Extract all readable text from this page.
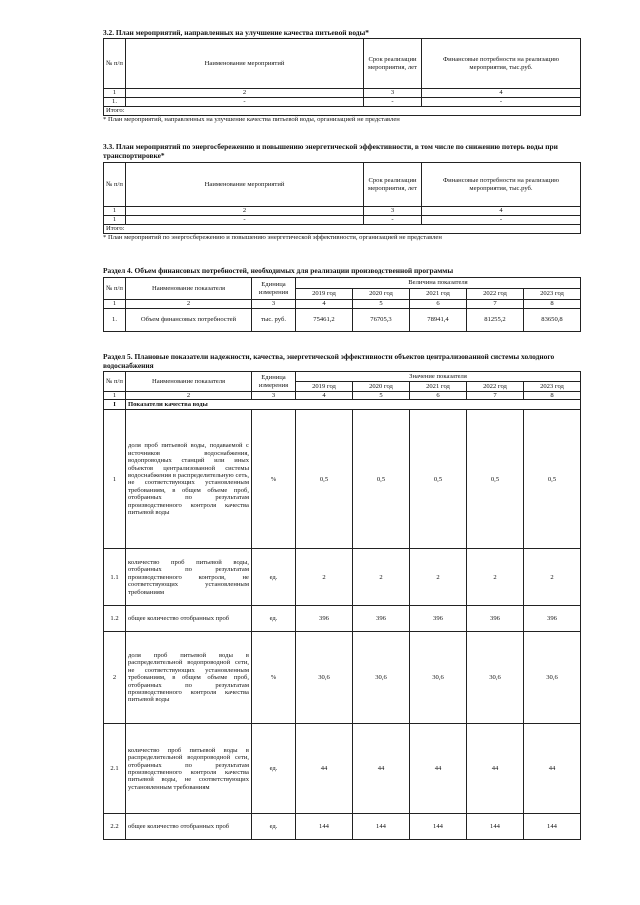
3.2. План мероприятий, направленных на улучшение качества питьевой воды*
№ п/п	Наименование мероприятий	Срок реализации мероприятия, лет	Финансовые потребности на реализацию мероприятия, тыс.руб.
1	2	3	4
1.	-	-	-
Итого:			

* План мероприятий, направленных на улучшение качества питьевой воды, организацией не представлен

3.3. План мероприятий по энергосбережению и повышению энергетической эффективности, в том числе по снижению потерь воды при транспортировке*
№ п/п	Наименование мероприятий	Срок реализации мероприятия, лет	Финансовые потребности на реализацию мероприятия, тыс.руб.
1	2	3	4
1	-	-	-
Итого:			

* План мероприятий по энергосбережению и повышению энергетической эффективности, организацией не представлен

Раздел 4. Объем финансовых потребностей, необходимых для реализации производственной программы
№ п/п	Наименование показателя	Единица измерения	Величина показателя				
			2019 год	2020 год	2021 год	2022 год	2023 год
1	2	3	4	5	6	7	8
1.	Объем финансовых потребностей	тыс. руб.	75461,2	76705,3	78941,4	81255,2	83650,8
Раздел 5. Плановые показатели надежности, качества, энергетической эффективности объектов централизованной системы холодного водоснабжения
№ п/п	Наименование показателя	Единица измерения	Значение показателя				
			2019 год	2020 год	2021 год	2022 год	2023 год
1	2	3	4	5	6	7	8
I	Показатели качества воды						
1	доля проб питьевой воды, подаваемой с источников водоснабжения, водопроводных станций или иных объектов централизованной системы водоснабжения в распределительную сеть, не соответствующих установленным требованиям, в общем объеме проб, отобранных по результатам производственного контроля качества питьевой воды	%	0,5	0,5	0,5	0,5	0,5
1.1	количество проб питьевой воды, отобранных по результатам производственного контроля, не соответствующих установленным требованиям	ед.	2	2	2	2	2
1.2	общее количество отобранных проб	ед.	396	396	396	396	396
2	доля проб питьевой воды в распределительной водопроводной сети, не соответствующих установленным требованиям, в общем объеме проб, отобранных по результатам производственного контроля качества питьевой воды	%	30,6	30,6	30,6	30,6	30,6
2.1	количество проб питьевой воды в распределительной водопроводной сети, отобранных по результатам производственного контроля качества питьевой воды, не соответствующих установленным требованиям	ед.	44	44	44	44	44
2.2	общее количество отобранных проб	ед.	144	144	144	144	144
